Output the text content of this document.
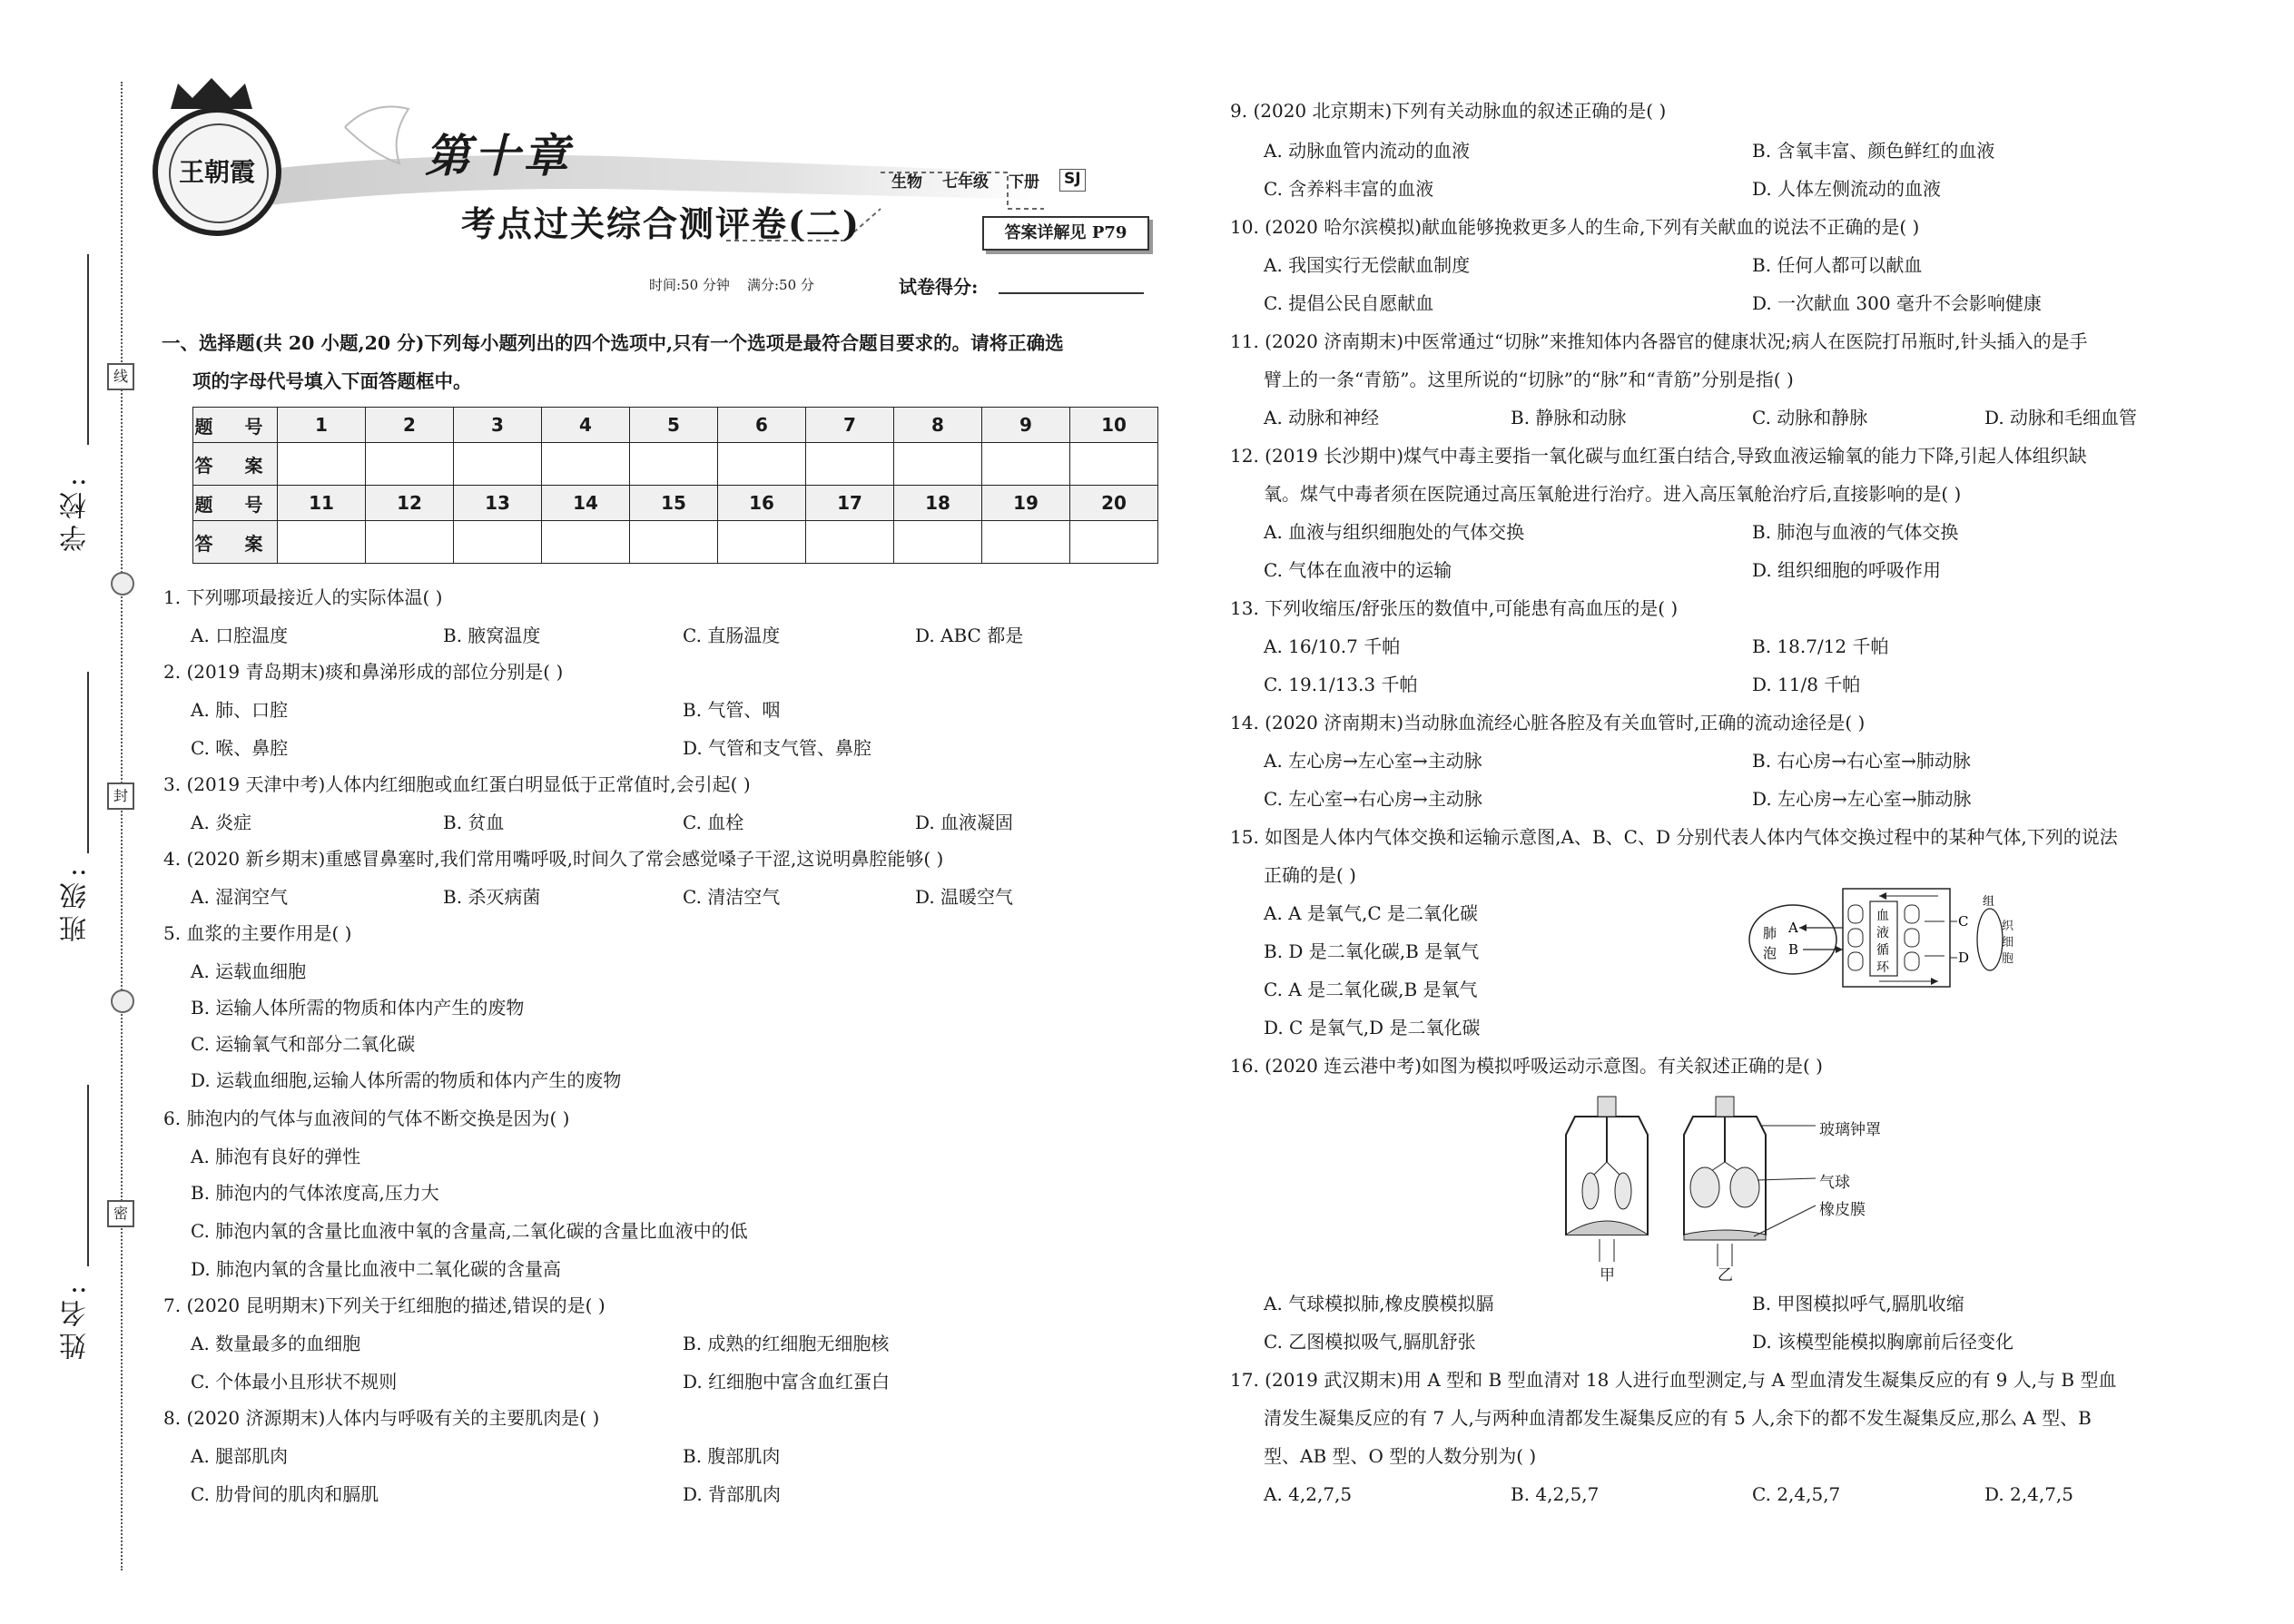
线
封
密
学校:
班级:
姓名:
王朝霞	第十章	生物 七年级 下册 SJ
考点过关综合测评卷(二)	答案详解见 P79
时间:50 分钟    满分:50 分	试卷得分:
一、选择题(共 20 小题,20 分)下列每小题列出的四个选项中,只有一个选项是最符合题目要求的。请将正确选
项的字母代号填入下面答题框中。
题 号	1	2	3	4	5	6	7	8	9	10
答 案										
题 号	11	12	13	14	15	16	17	18	19	20
答 案										
1. 下列哪项最接近人的实际体温( )
A. 口腔温度	B. 腋窝温度	C. 直肠温度	D. ABC 都是
2. (2019 青岛期末)痰和鼻涕形成的部位分别是( )
A. 肺、口腔	B. 气管、咽
C. 喉、鼻腔	D. 气管和支气管、鼻腔
3. (2019 天津中考)人体内红细胞或血红蛋白明显低于正常值时,会引起( )
A. 炎症	B. 贫血	C. 血栓	D. 血液凝固
4. (2020 新乡期末)重感冒鼻塞时,我们常用嘴呼吸,时间久了常会感觉嗓子干涩,这说明鼻腔能够( )
A. 湿润空气	B. 杀灭病菌	C. 清洁空气	D. 温暖空气
5. 血浆的主要作用是( )
A. 运载血细胞
B. 运输人体所需的物质和体内产生的废物
C. 运输氧气和部分二氧化碳
D. 运载血细胞,运输人体所需的物质和体内产生的废物
6. 肺泡内的气体与血液间的气体不断交换是因为( )
A. 肺泡有良好的弹性
B. 肺泡内的气体浓度高,压力大
C. 肺泡内氧的含量比血液中氧的含量高,二氧化碳的含量比血液中的低
D. 肺泡内氧的含量比血液中二氧化碳的含量高
7. (2020 昆明期末)下列关于红细胞的描述,错误的是( )
A. 数量最多的血细胞	B. 成熟的红细胞无细胞核
C. 个体最小且形状不规则	D. 红细胞中富含血红蛋白
8. (2020 济源期末)人体内与呼吸有关的主要肌肉是( )
A. 腿部肌肉	B. 腹部肌肉
C. 肋骨间的肌肉和膈肌	D. 背部肌肉
9. (2020 北京期末)下列有关动脉血的叙述正确的是( )
A. 动脉血管内流动的血液	B. 含氧丰富、颜色鲜红的血液
C. 含养料丰富的血液	D. 人体左侧流动的血液
10. (2020 哈尔滨模拟)献血能够挽救更多人的生命,下列有关献血的说法不正确的是( )
A. 我国实行无偿献血制度	B. 任何人都可以献血
C. 提倡公民自愿献血	D. 一次献血 300 毫升不会影响健康
11. (2020 济南期末)中医常通过“切脉”来推知体内各器官的健康状况;病人在医院打吊瓶时,针头插入的是手
臂上的一条“青筋”。这里所说的“切脉”的“脉”和“青筋”分别是指( )
A. 动脉和神经	B. 静脉和动脉	C. 动脉和静脉	D. 动脉和毛细血管
12. (2019 长沙期中)煤气中毒主要指一氧化碳与血红蛋白结合,导致血液运输氧的能力下降,引起人体组织缺
氧。煤气中毒者须在医院通过高压氧舱进行治疗。进入高压氧舱治疗后,直接影响的是( )
A. 血液与组织细胞处的气体交换	B. 肺泡与血液的气体交换
C. 气体在血液中的运输	D. 组织细胞的呼吸作用
13. 下列收缩压/舒张压的数值中,可能患有高血压的是( )
A. 16/10.7 千帕	B. 18.7/12 千帕
C. 19.1/13.3 千帕	D. 11/8 千帕
14. (2020 济南期末)当动脉血流经心脏各腔及有关血管时,正确的流动途径是( )
A. 左心房→左心室→主动脉	B. 右心房→右心室→肺动脉
C. 左心室→右心房→主动脉	D. 左心房→左心室→肺动脉
15. 如图是人体内气体交换和运输示意图,A、B、C、D 分别代表人体内气体交换过程中的某种气体,下列的说法
正确的是( )
A. A 是氧气,C 是二氧化碳
B. D 是二氧化碳,B 是氧气
C. A 是二氧化碳,B 是氧气
D. C 是氧气,D 是二氧化碳
肺
泡
A
B
血
液
循
环
C
D
组
织
细
胞
16. (2020 连云港中考)如图为模拟呼吸运动示意图。有关叙述正确的是( )
玻璃钟罩
气球
橡皮膜
甲	乙
A. 气球模拟肺,橡皮膜模拟膈	B. 甲图模拟呼气,膈肌收缩
C. 乙图模拟吸气,膈肌舒张	D. 该模型能模拟胸廓前后径变化
17. (2019 武汉期末)用 A 型和 B 型血清对 18 人进行血型测定,与 A 型血清发生凝集反应的有 9 人,与 B 型血
清发生凝集反应的有 7 人,与两种血清都发生凝集反应的有 5 人,余下的都不发生凝集反应,那么 A 型、B
型、AB 型、O 型的人数分别为( )
A. 4,2,7,5	B. 4,2,5,7	C. 2,4,5,7	D. 2,4,7,5
